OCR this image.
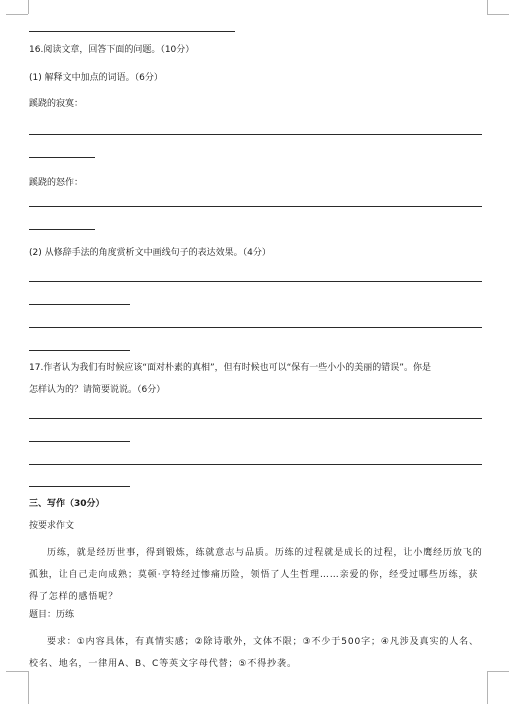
16.阅读文章，回答下面的问题。（10分）
(1) 解释文中加点的词语。（6分）
蹊跷的寂寞：
蹊跷的怒作：
(2) 从修辞手法的角度赏析文中画线句子的表达效果。（4分）
17.作者认为我们有时候应该“面对朴素的真相”，但有时候也可以“保有一些小小的美丽的错误”。你是
怎样认为的？请简要说说。（6分）
三、写作（30分）
按要求作文
历练，就是经历世事，得到锻炼，练就意志与品质。历练的过程就是成长的过程，让小鹰经历放飞的孤独，让自己走向成熟；莫顿·亨特经过惨痛历险，领悟了人生哲理……亲爱的你，经受过哪些历练，获得了怎样的感悟呢？
题目：历练
要求：①内容具体，有真情实感；②除诗歌外，文体不限；③不少于500字；④凡涉及真实的人名、校名、地名，一律用A、B、C等英文字母代替；⑤不得抄袭。
